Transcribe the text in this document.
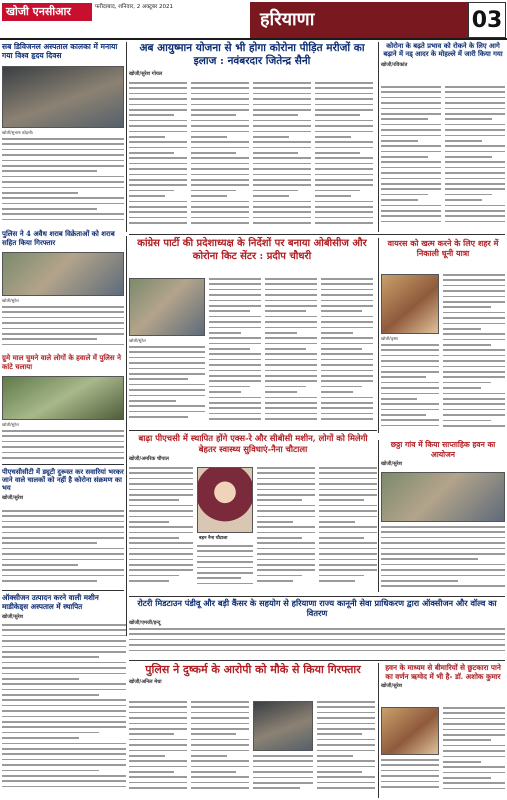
खोजी एनसीआर	फरीदाबाद, शनिवार, 2 अक्टूबर 2021
हरियाणा	03
सब डिविजनल अस्पताल कालका में मनाया गया विश्व हृदय दिवस
खोजी/सुभाष कोहली।
पुलिस ने 4 अवैध शराब विक्रेताओं को शराब सहित किया गिरफ्तार
खोजी/सुरेश
अब आयुष्मान योजना से भी होगा कोरोना पीड़ित मरीजों का इलाज : नवंबरदार जितेन्द्र सैनी
खोजी/सुरेश गोयल
कोरोना के बढ़ते प्रभाव को रोकने के लिए आगे बढ़ाने में नड् आदर के मोहल्ले में जारी किया गया
खोजी/रविकांत
कांग्रेस पार्टी की प्रदेशाध्यक्ष के निर्देशों पर बनाया ओबीसीज और कोरोना किट सेंटर : प्रदीप चौधरी
खोजी/सुरेश
वायरस को खत्म करने के लिए शहर में निकाली धूनी यात्रा
खोजी/कृष्ण
ग्रुमे माल चुमने वाले लोगों के हवाले में पुलिस ने कांटे चलाया
खोजी/सुरेश
पीएचसीसीटी में ड्यूटी दुरूस्त कर सवारियां भरकर जाने वाले चालकों को नहीं है कोरोना संक्रमण का भय
खोजी/सुरेश
ऑक्सीजन उत्पादन करने वाली मशीन माडीकेड्स अस्पताल में स्थापित
खोजी/सुरेश
बाढ़ा पीएचसी में स्थापित होंगे एक्स-रे और सीबीसी मशीन, लोगों को मिलेगी बेहतर स्वास्थ्य सुविधाएं-नैना चौटाला
खोजी/अमरिक चौपाल
बहन नैना चौटाला
छठ्ठा गांव में किया साप्ताहिक हवन का आयोजन
खोजी/सुरेश
रोटरी मिडटाउन पंडीवू और बड़ी कैंसर के सहयोग से हरियाणा राज्य कानूनी सेवा प्राधिकरण द्वारा ऑक्सीजन और वॉल्व का वितरण
खोजी/एमजी/इन्दू
पुलिस ने दुष्कर्म के आरोपी को मौके से किया गिरफ्तार
खोजी/अनिल मेधा
हवन के माध्यम से बीमारियों से छुटकारा पाने का वर्णन ऋग्वेद में भी है- डॉ. अशोक कुमार
खोजी/सुरेश
